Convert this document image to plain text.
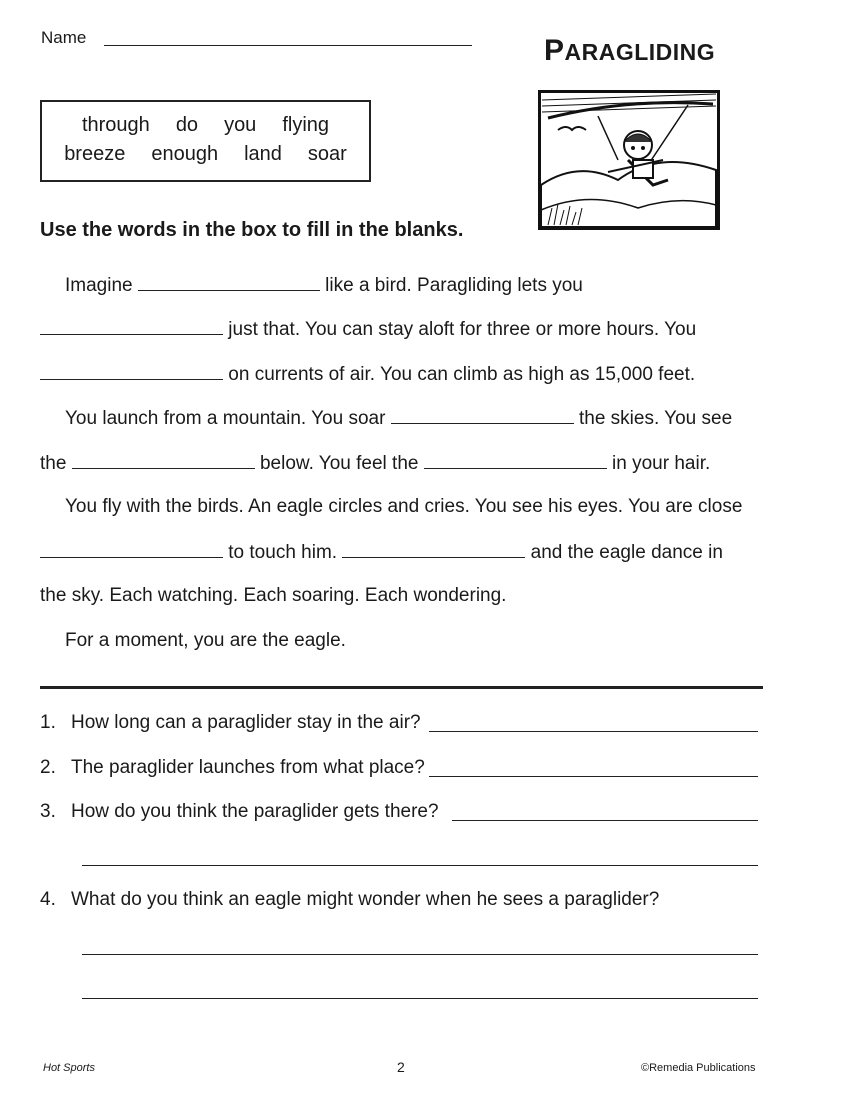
Name	PARAGLIDING
through do you flying
breeze enough land soar
Use the words in the box to fill in the blanks.
Imagine	like a bird. Paragliding lets you
just that. You can stay aloft for three or more hours. You
on currents of air. You can climb as high as 15,000 feet.
You launch from a mountain. You soar	the skies. You see
the	below. You feel the	in your hair.
You fly with the birds. An eagle circles and cries. You see his eyes. You are close
to touch him.	and the eagle dance in
the sky. Each watching. Each soaring. Each wondering.
For a moment, you are the eagle.
1. How long can a paraglider stay in the air?
2. The paraglider launches from what place?
3. How do you think the paraglider gets there?
4. What do you think an eagle might wonder when he sees a paraglider?
Hot Sports	2	©Remedia Publications
